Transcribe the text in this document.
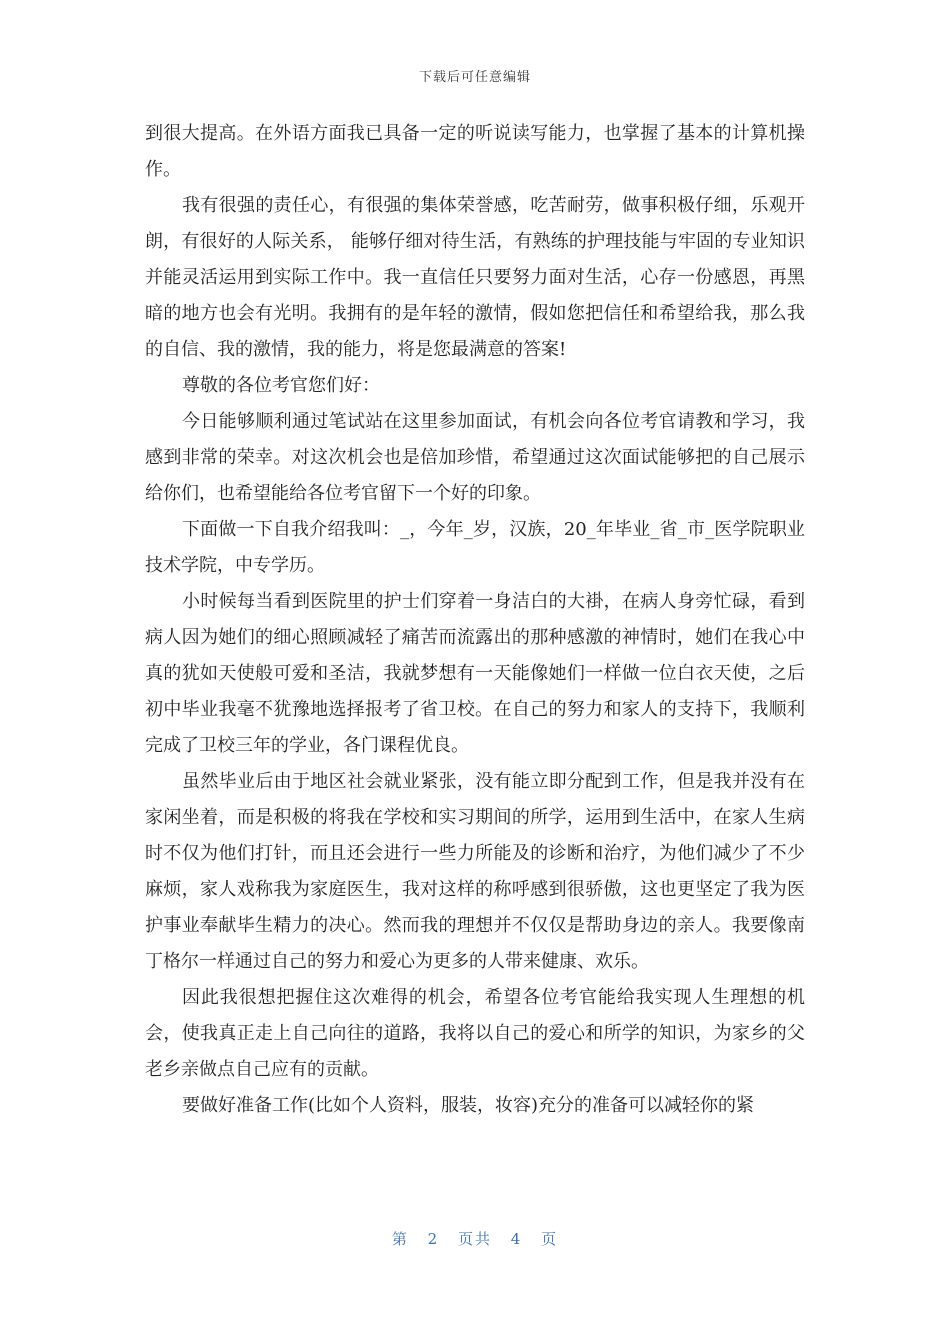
下载后可任意编辑

到很大提高。在外语方面我已具备一定的听说读写能力，也掌握了基本的计算机操作。

我有很强的责任心，有很强的集体荣誉感，吃苦耐劳，做事积极仔细，乐观开朗，有很好的人际关系， 能够仔细对待生活，有熟练的护理技能与牢固的专业知识并能灵活运用到实际工作中。我一直信任只要努力面对生活，心存一份感恩，再黑暗的地方也会有光明。我拥有的是年轻的激情，假如您把信任和希望给我，那么我的自信、我的激情，我的能力，将是您最满意的答案!

尊敬的各位考官您们好：

今日能够顺利通过笔试站在这里参加面试，有机会向各位考官请教和学习，我感到非常的荣幸。对这次机会也是倍加珍惜，希望通过这次面试能够把的自己展示给你们，也希望能给各位考官留下一个好的印象。

下面做一下自我介绍我叫：_，今年_岁，汉族，20_年毕业_省_市_医学院职业技术学院，中专学历。

小时候每当看到医院里的护士们穿着一身洁白的大褂，在病人身旁忙碌，看到病人因为她们的细心照顾减轻了痛苦而流露出的那种感激的神情时，她们在我心中真的犹如天使般可爱和圣洁，我就梦想有一天能像她们一样做一位白衣天使，之后初中毕业我毫不犹豫地选择报考了省卫校。在自己的努力和家人的支持下，我顺利完成了卫校三年的学业，各门课程优良。

虽然毕业后由于地区社会就业紧张，没有能立即分配到工作，但是我并没有在家闲坐着，而是积极的将我在学校和实习期间的所学，运用到生活中，在家人生病时不仅为他们打针，而且还会进行一些力所能及的诊断和治疗，为他们减少了不少麻烦，家人戏称我为家庭医生，我对这样的称呼感到很骄傲，这也更坚定了我为医护事业奉献毕生精力的决心。然而我的理想并不仅仅是帮助身边的亲人。我要像南丁格尔一样通过自己的努力和爱心为更多的人带来健康、欢乐。

因此我很想把握住这次难得的机会，希望各位考官能给我实现人生理想的机会，使我真正走上自己向往的道路，我将以自己的爱心和所学的知识，为家乡的父老乡亲做点自己应有的贡献。

要做好准备工作(比如个人资料，服装，妆容)充分的准备可以减轻你的紧

第 2 页共 4 页
